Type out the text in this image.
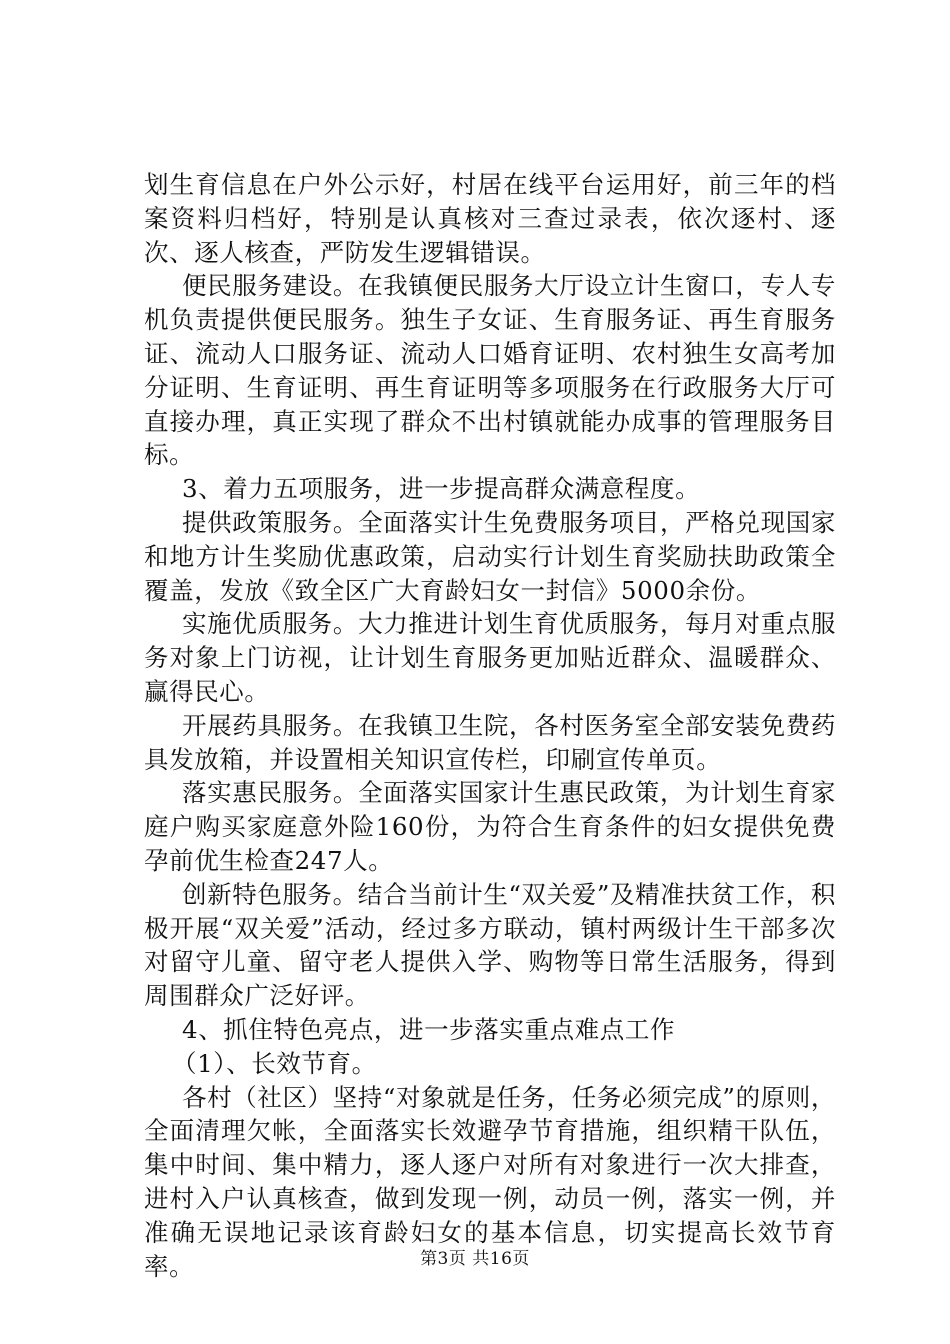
划生育信息在户外公示好，村居在线平台运用好，前三年的档案资料归档好，特别是认真核对三查过录表，依次逐村、逐次、逐人核查，严防发生逻辑错误。

便民服务建设。在我镇便民服务大厅设立计生窗口，专人专机负责提供便民服务。独生子女证、生育服务证、再生育服务证、流动人口服务证、流动人口婚育证明、农村独生女高考加分证明、生育证明、再生育证明等多项服务在行政服务大厅可直接办理，真正实现了群众不出村镇就能办成事的管理服务目标。

3、着力五项服务，进一步提高群众满意程度。

提供政策服务。全面落实计生免费服务项目，严格兑现国家和地方计生奖励优惠政策，启动实行计划生育奖励扶助政策全覆盖，发放《致全区广大育龄妇女一封信》5000余份。

实施优质服务。大力推进计划生育优质服务，每月对重点服务对象上门访视，让计划生育服务更加贴近群众、温暖群众、赢得民心。

开展药具服务。在我镇卫生院，各村医务室全部安装免费药具发放箱，并设置相关知识宣传栏，印刷宣传单页。

落实惠民服务。全面落实国家计生惠民政策，为计划生育家庭户购买家庭意外险160份，为符合生育条件的妇女提供免费孕前优生检查247人。

创新特色服务。结合当前计生“双关爱”及精准扶贫工作，积极开展“双关爱”活动，经过多方联动，镇村两级计生干部多次对留守儿童、留守老人提供入学、购物等日常生活服务，得到周围群众广泛好评。

4、抓住特色亮点，进一步落实重点难点工作

（1）、长效节育。

各村（社区）坚持“对象就是任务，任务必须完成”的原则，全面清理欠帐，全面落实长效避孕节育措施，组织精干队伍，集中时间、集中精力，逐人逐户对所有对象进行一次大排查，进村入户认真核查，做到发现一例，动员一例，落实一例，并准确无误地记录该育龄妇女的基本信息，切实提高长效节育率。	第3页 共16页
